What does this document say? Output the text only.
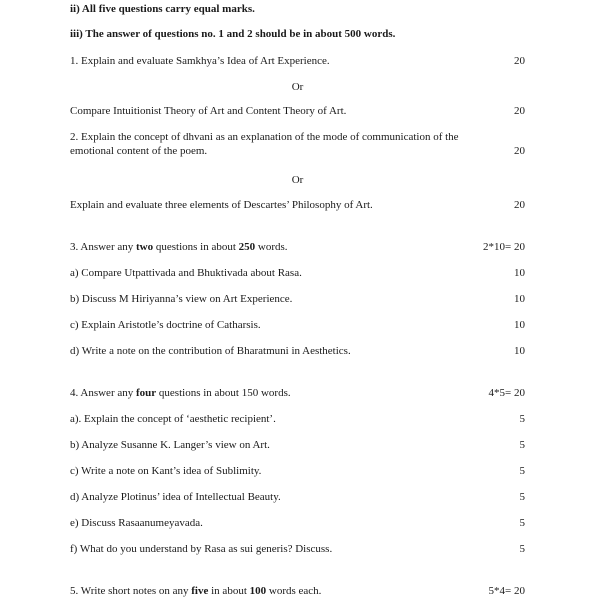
ii) All five questions carry equal marks.
iii) The answer of questions no. 1 and 2 should be in about 500 words.
1. Explain and evaluate Samkhya’s Idea of Art Experience.	20
Or
Compare Intuitionist Theory of Art and Content Theory of Art.	20
2. Explain the concept of dhvani as an explanation of the mode of communication of the
emotional content of the poem.	20
Or
Explain and evaluate three elements of Descartes’ Philosophy of Art.	20
3. Answer any two questions in about 250 words.	2*10= 20
a) Compare Utpattivada and Bhuktivada about Rasa.	10
b) Discuss M Hiriyanna’s view on Art Experience.	10
c) Explain Aristotle’s doctrine of Catharsis.	10
d) Write a note on the contribution of Bharatmuni in Aesthetics.	10
4. Answer any four questions in about 150 words.	4*5= 20
a). Explain the concept of ‘aesthetic recipient’.	5
b) Analyze Susanne K. Langer’s view on Art.	5
c) Write a note on Kant’s idea of Sublimity.	5
d) Analyze Plotinus’ idea of Intellectual Beauty.	5
e) Discuss Rasaanumeyavada.	5
f) What do you understand by Rasa as sui generis? Discuss.	5
5. Write short notes on any five in about 100 words each.	5*4= 20
